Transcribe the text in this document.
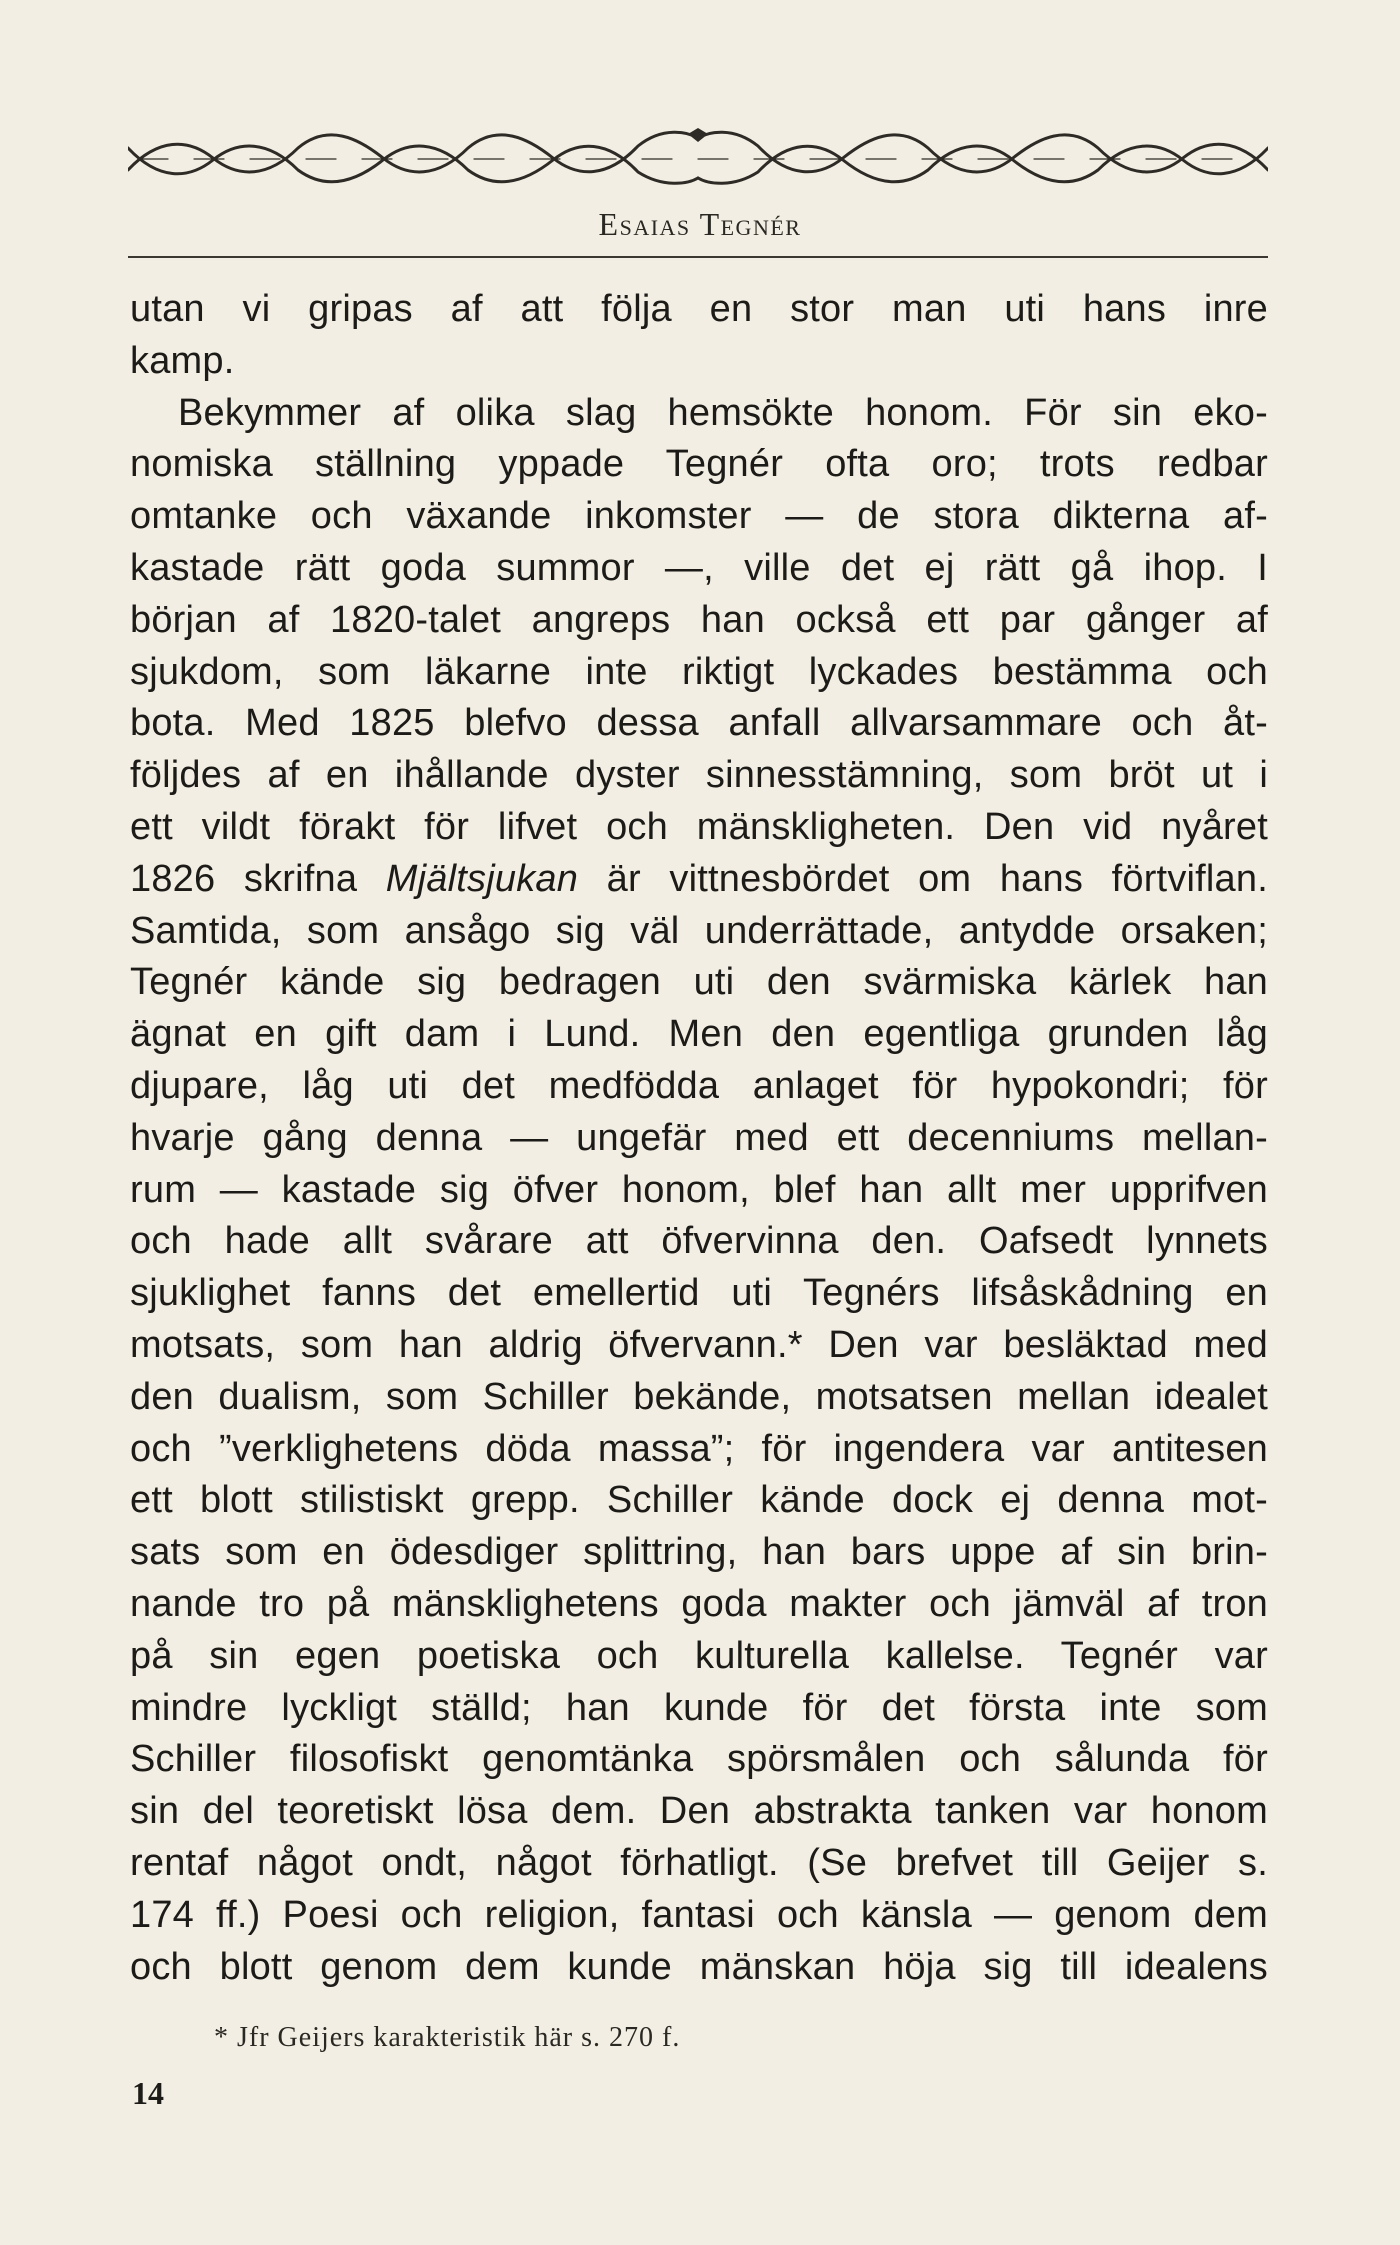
Esaias Tegnér
utan vi gripas af att följa en stor man uti hans inre
kamp.
Bekymmer af olika slag hemsökte honom. För sin eko-
nomiska ställning yppade Tegnér ofta oro; trots redbar
omtanke och växande inkomster — de stora dikterna af-
kastade rätt goda summor —, ville det ej rätt gå ihop. I
början af 1820-talet angreps han också ett par gånger af
sjukdom, som läkarne inte riktigt lyckades bestämma och
bota. Med 1825 blefvo dessa anfall allvarsammare och åt-
följdes af en ihållande dyster sinnesstämning, som bröt ut i
ett vildt förakt för lifvet och mänskligheten. Den vid nyåret
1826 skrifna Mjältsjukan är vittnesbördet om hans förtviflan.
Samtida, som ansågo sig väl underrättade, antydde orsaken;
Tegnér kände sig bedragen uti den svärmiska kärlek han
ägnat en gift dam i Lund. Men den egentliga grunden låg
djupare, låg uti det medfödda anlaget för hypokondri; för
hvarje gång denna — ungefär med ett decenniums mellan-
rum — kastade sig öfver honom, blef han allt mer upprifven
och hade allt svårare att öfvervinna den. Oafsedt lynnets
sjuklighet fanns det emellertid uti Tegnérs lifsåskådning en
motsats, som han aldrig öfvervann.* Den var besläktad med
den dualism, som Schiller bekände, motsatsen mellan idealet
och ”verklighetens döda massa”; för ingendera var antitesen
ett blott stilistiskt grepp. Schiller kände dock ej denna mot-
sats som en ödesdiger splittring, han bars uppe af sin brin-
nande tro på mänsklighetens goda makter och jämväl af tron
på sin egen poetiska och kulturella kallelse. Tegnér var
mindre lyckligt ställd; han kunde för det första inte som
Schiller filosofiskt genomtänka spörsmålen och sålunda för
sin del teoretiskt lösa dem. Den abstrakta tanken var honom
rentaf något ondt, något förhatligt. (Se brefvet till Geijer s.
174 ff.) Poesi och religion, fantasi och känsla — genom dem
och blott genom dem kunde mänskan höja sig till idealens
* Jfr Geijers karakteristik här s. 270 f.
14
